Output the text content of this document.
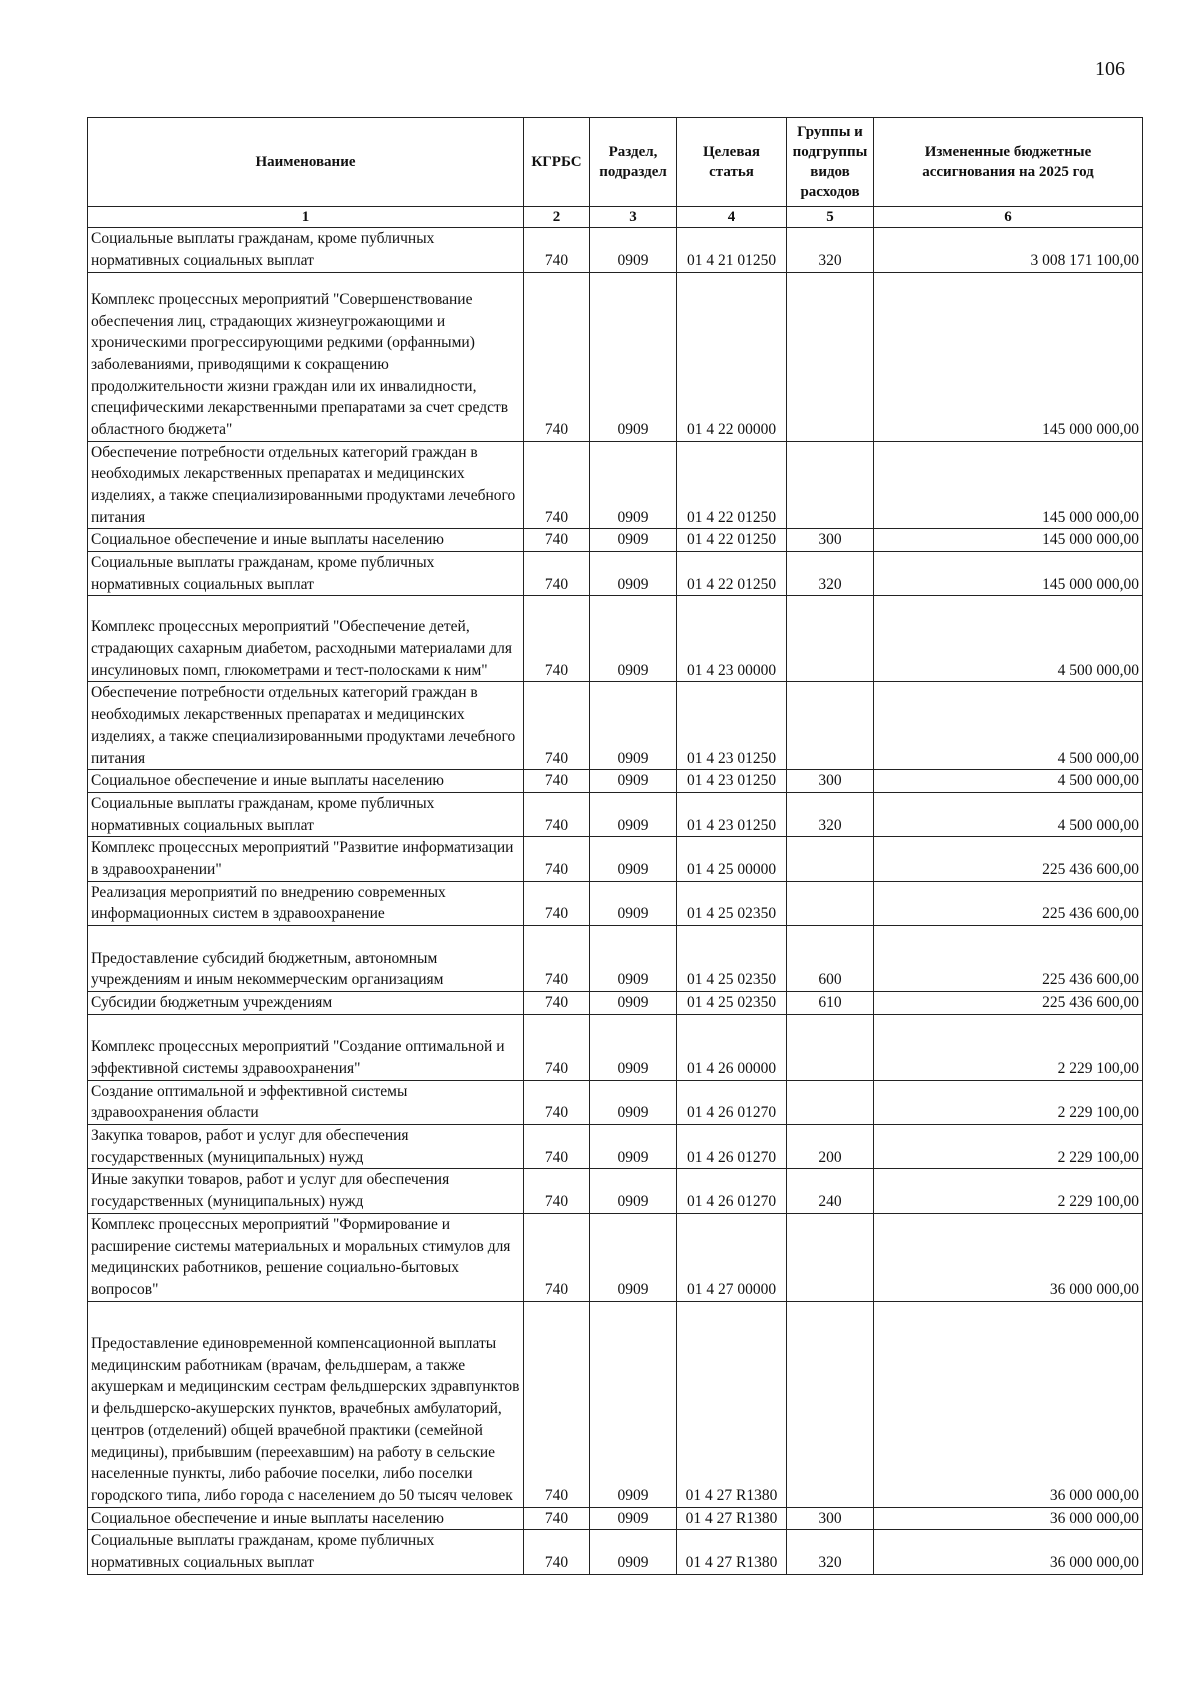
106
Наименование	КГРБС	Раздел, подраздел	Целевая статья	Группы и подгруппы видов расходов	Измененные бюджетные ассигнования на 2025 год
1	2	3	4	5	6
Социальные выплаты гражданам, кроме публичных нормативных социальных выплат	740	0909	01 4 21 01250	320	3 008 171 100,00
Комплекс процессных мероприятий "Совершенствование обеспечения лиц, страдающих жизнеугрожающими и хроническими прогрессирующими редкими (орфанными) заболеваниями, приводящими к сокращению продолжительности жизни граждан или их инвалидности, специфическими лекарственными препаратами за счет средств областного бюджета"	740	0909	01 4 22 00000		145 000 000,00
Обеспечение потребности отдельных категорий граждан в необходимых лекарственных препаратах и медицинских изделиях, а также специализированными продуктами лечебного питания	740	0909	01 4 22 01250		145 000 000,00
Социальное обеспечение и иные выплаты населению	740	0909	01 4 22 01250	300	145 000 000,00
Социальные выплаты гражданам, кроме публичных нормативных социальных выплат	740	0909	01 4 22 01250	320	145 000 000,00
Комплекс процессных мероприятий "Обеспечение детей, страдающих сахарным диабетом, расходными материалами для инсулиновых помп, глюкометрами и тест-полосками к ним"	740	0909	01 4 23 00000		4 500 000,00
Обеспечение потребности отдельных категорий граждан в необходимых лекарственных препаратах и медицинских изделиях, а также специализированными продуктами лечебного питания	740	0909	01 4 23 01250		4 500 000,00
Социальное обеспечение и иные выплаты населению	740	0909	01 4 23 01250	300	4 500 000,00
Социальные выплаты гражданам, кроме публичных нормативных социальных выплат	740	0909	01 4 23 01250	320	4 500 000,00
Комплекс процессных мероприятий "Развитие информатизации в здравоохранении"	740	0909	01 4 25 00000		225 436 600,00
Реализация мероприятий по внедрению современных информационных систем в здравоохранение	740	0909	01 4 25 02350		225 436 600,00
Предоставление субсидий бюджетным, автономным учреждениям и иным некоммерческим организациям	740	0909	01 4 25 02350	600	225 436 600,00
Субсидии бюджетным учреждениям	740	0909	01 4 25 02350	610	225 436 600,00
Комплекс процессных мероприятий "Создание оптимальной и эффективной системы здравоохранения"	740	0909	01 4 26 00000		2 229 100,00
Создание оптимальной и эффективной системы здравоохранения области	740	0909	01 4 26 01270		2 229 100,00
Закупка товаров, работ и услуг для обеспечения государственных (муниципальных) нужд	740	0909	01 4 26 01270	200	2 229 100,00
Иные закупки товаров, работ и услуг для обеспечения государственных (муниципальных) нужд	740	0909	01 4 26 01270	240	2 229 100,00
Комплекс процессных мероприятий "Формирование и расширение системы материальных и моральных стимулов для медицинских работников, решение социально-бытовых вопросов"	740	0909	01 4 27 00000		36 000 000,00
Предоставление единовременной компенсационной выплаты медицинским работникам (врачам, фельдшерам, а также акушеркам и медицинским сестрам фельдшерских здравпунктов и фельдшерско-акушерских пунктов, врачебных амбулаторий, центров (отделений) общей врачебной практики (семейной медицины), прибывшим (переехавшим) на работу в сельские населенные пункты, либо рабочие поселки, либо поселки городского типа, либо города с населением до 50 тысяч человек	740	0909	01 4 27 R1380		36 000 000,00
Социальное обеспечение и иные выплаты населению	740	0909	01 4 27 R1380	300	36 000 000,00
Социальные выплаты гражданам, кроме публичных нормативных социальных выплат	740	0909	01 4 27 R1380	320	36 000 000,00
